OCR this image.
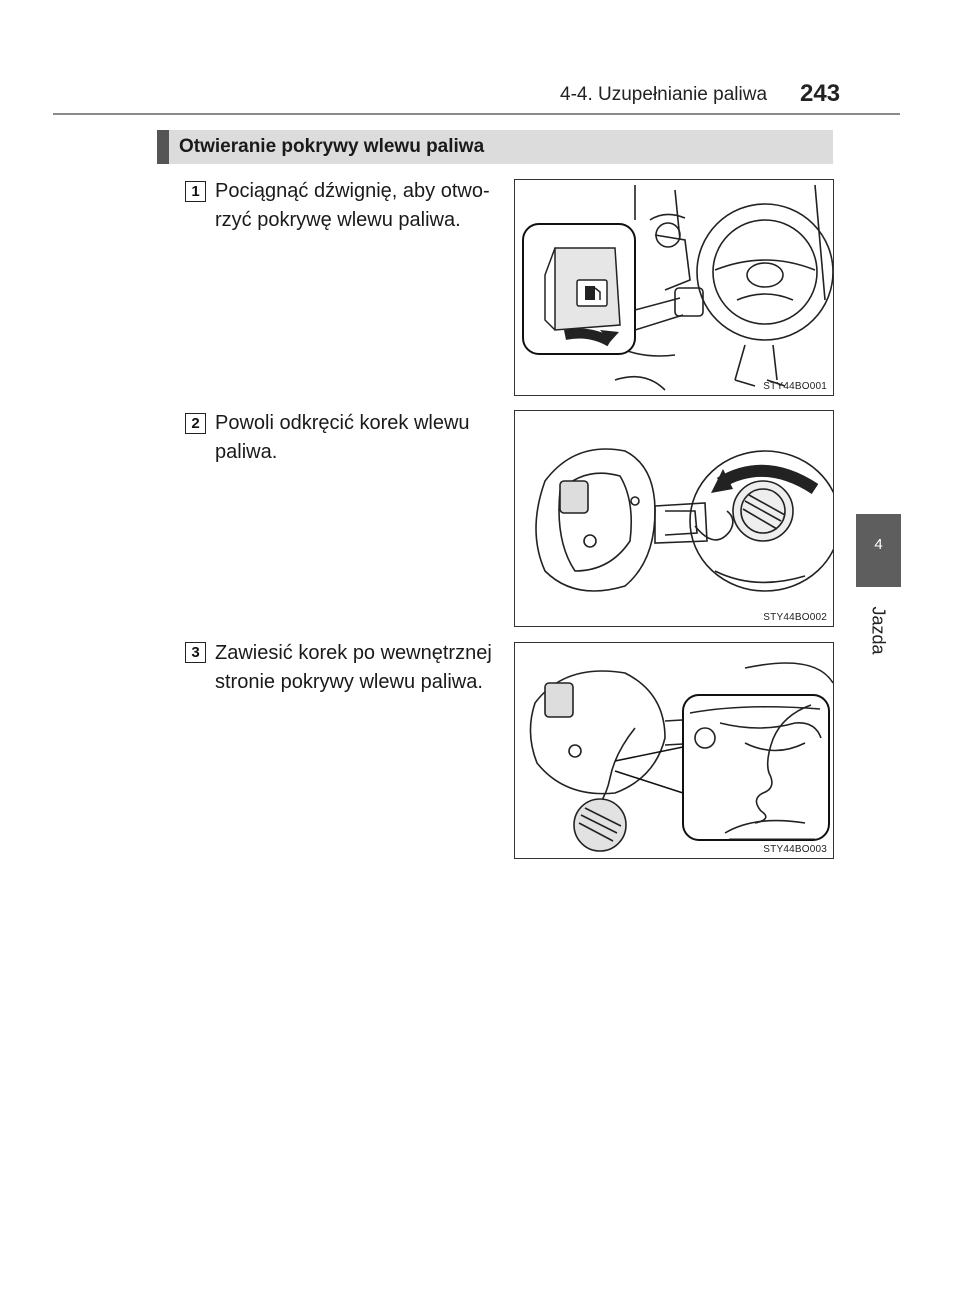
4-4. Uzupełnianie paliwa 243
4
Jazda
Otwieranie pokrywy wlewu paliwa
1 Pociągnąć dźwignię, aby otwo-
rzyć pokrywę wlewu paliwa.
STY44BO001
2 Powoli odkręcić korek wlewu
paliwa.
STY44BO002
3 Zawiesić korek po wewnętrznej
stronie pokrywy wlewu paliwa.
STY44BO003
